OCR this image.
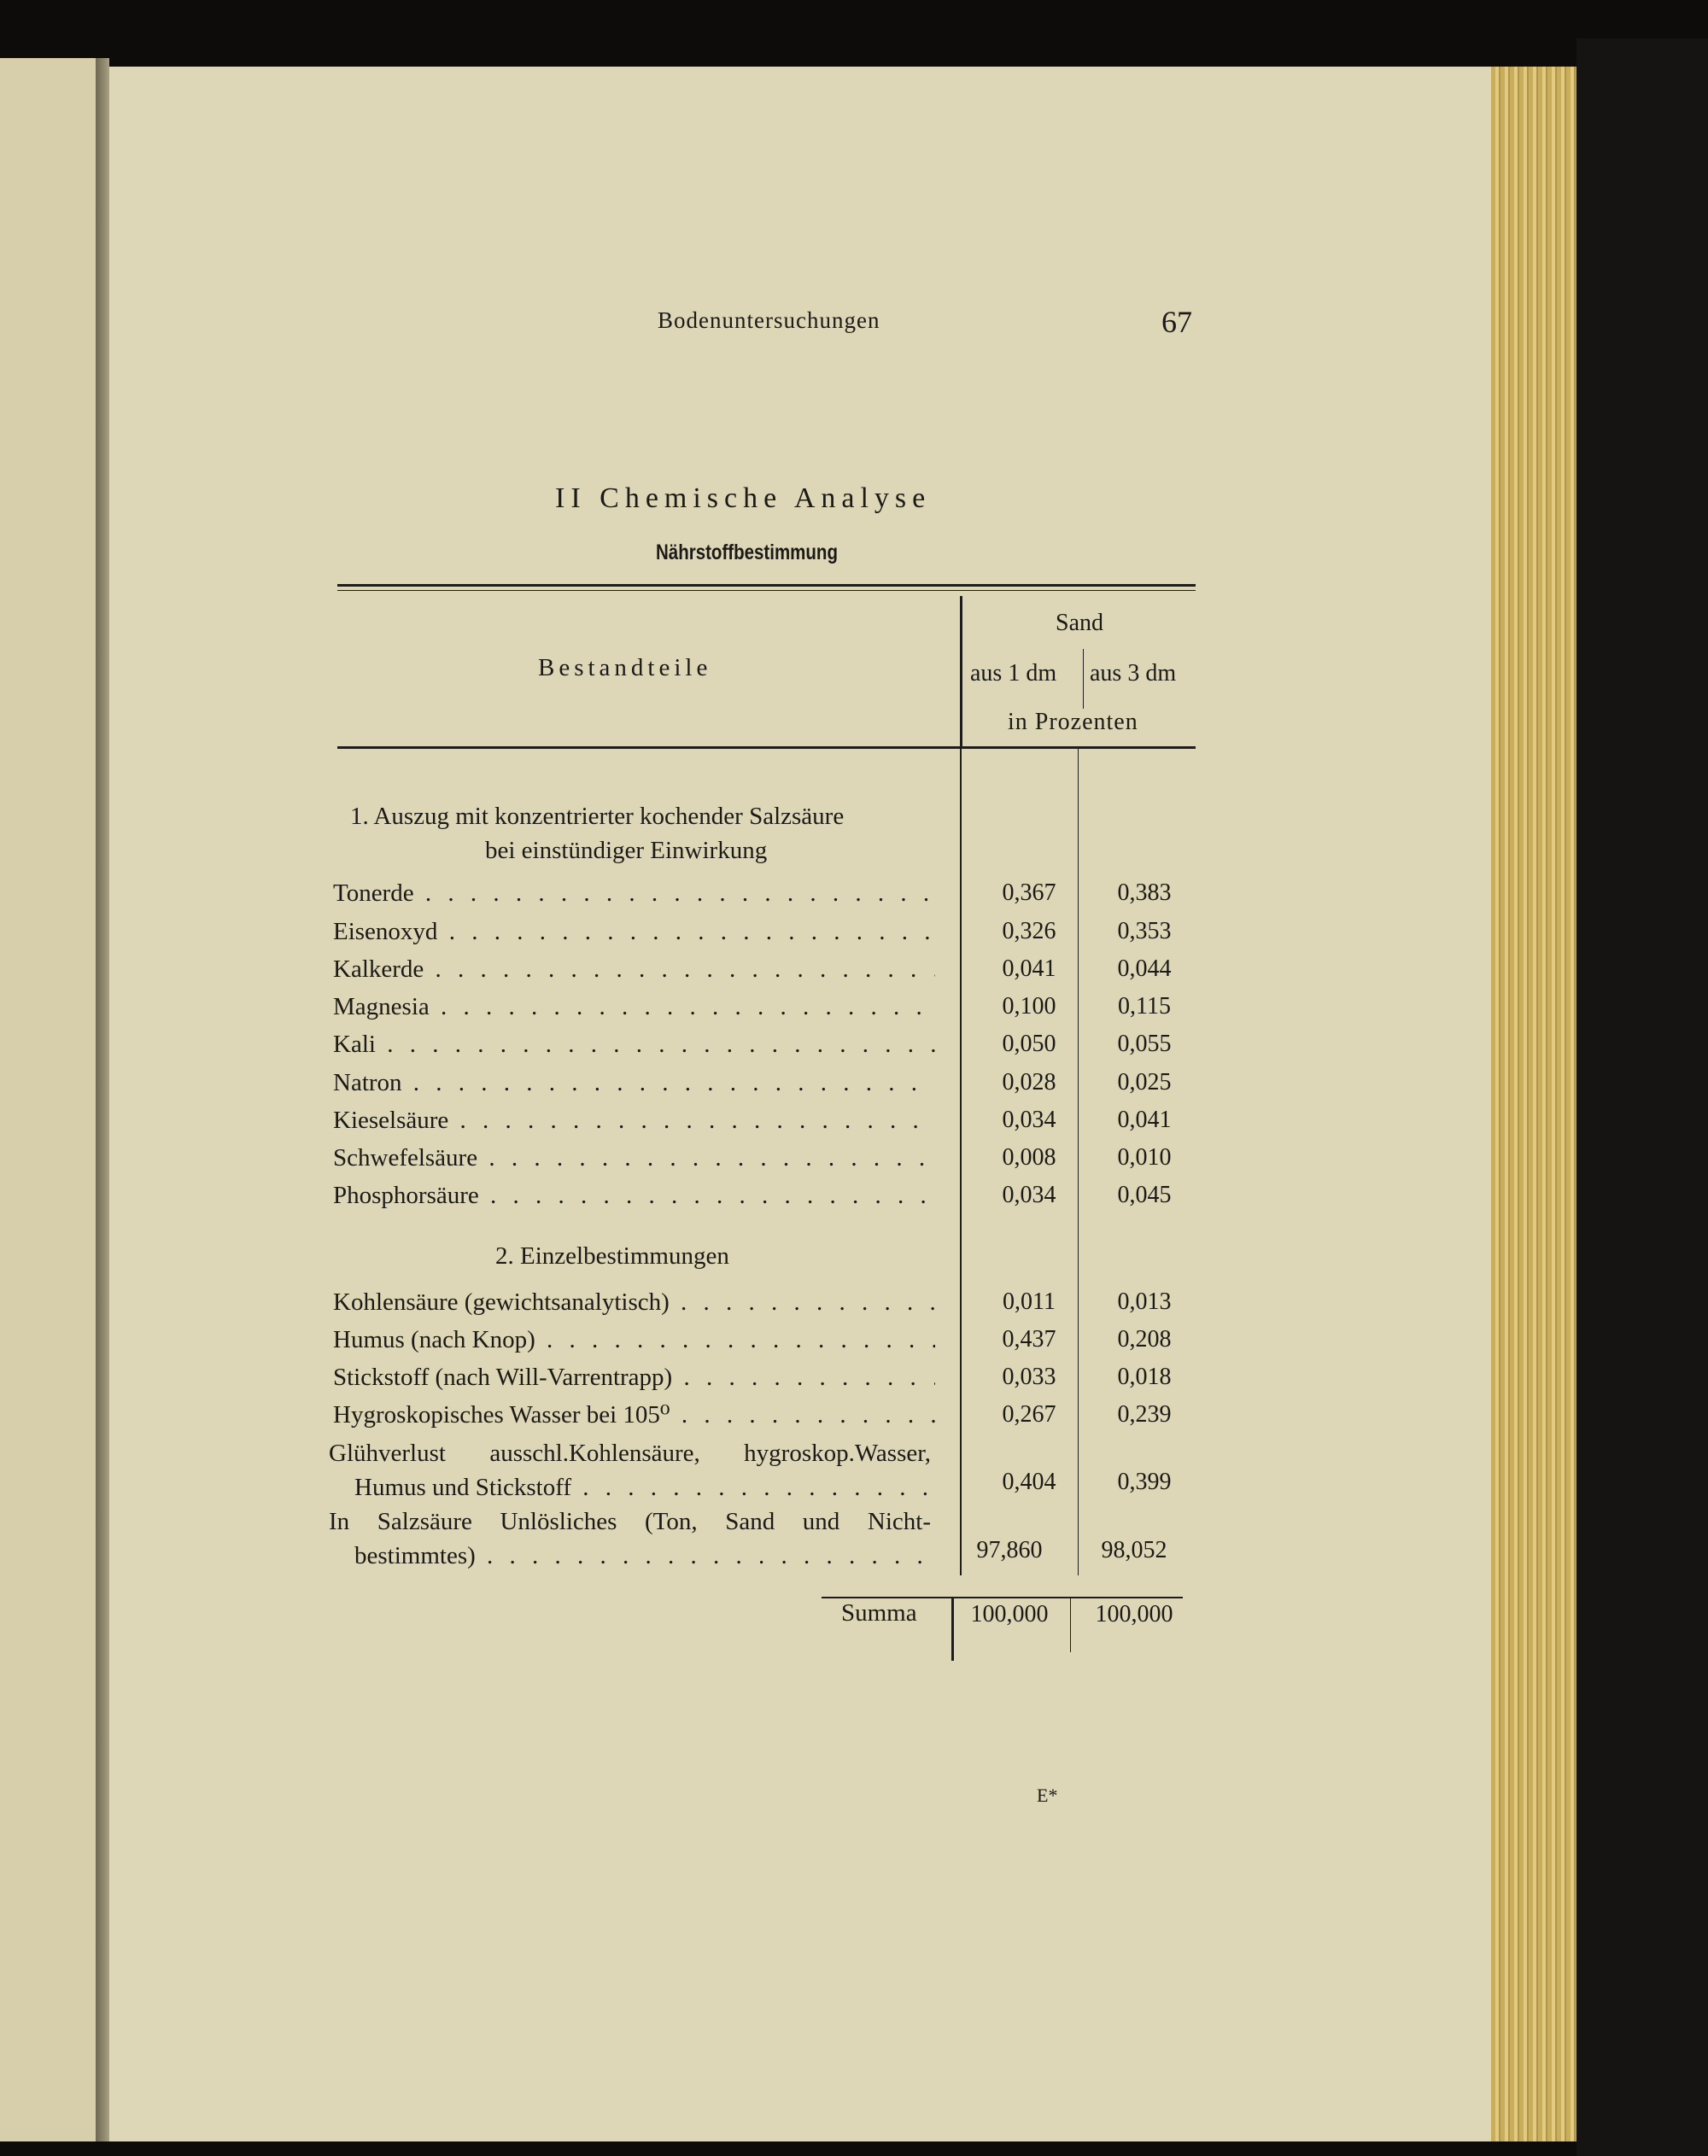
Bodenuntersuchungen	67
II Chemische Analyse
Nährstoffbestimmung
Bestandteile
Sand
aus 1 dm aus 3 dm
in Prozenten
1. Auszug mit konzentrierter kochender Salzsäure
bei einstündiger Einwirkung
Tonerde . . .	0,367	0,383
Eisenoxyd . . .	0,326	0,353
Kalkerde . . .	0,041	0,044
Magnesia . . .	0,100	0,115
Kali . . .	0,050	0,055
Natron . . .	0,028	0,025
Kieselsäure . . .	0,034	0,041
Schwefelsäure . . .	0,008	0,010
Phosphorsäure . . .	0,034	0,045
2. Einzelbestimmungen
Kohlensäure (gewichtsanalytisch) . . .	0,011	0,013
Humus (nach Knop) . . .	0,437	0,208
Stickstoff (nach Will-Varrentrapp) . . .	0,033	0,018
Hygroskopisches Wasser bei 105⁰ . . .	0,267	0,239
Glühverlust ausschl.Kohlensäure, hygroskop.Wasser,
Humus und Stickstoff . . .	0,404	0,399
In Salzsäure Unlösliches (Ton, Sand und Nicht-
bestimmtes) . . .	97,860	98,052
Summa	100,000	100,000
E*
